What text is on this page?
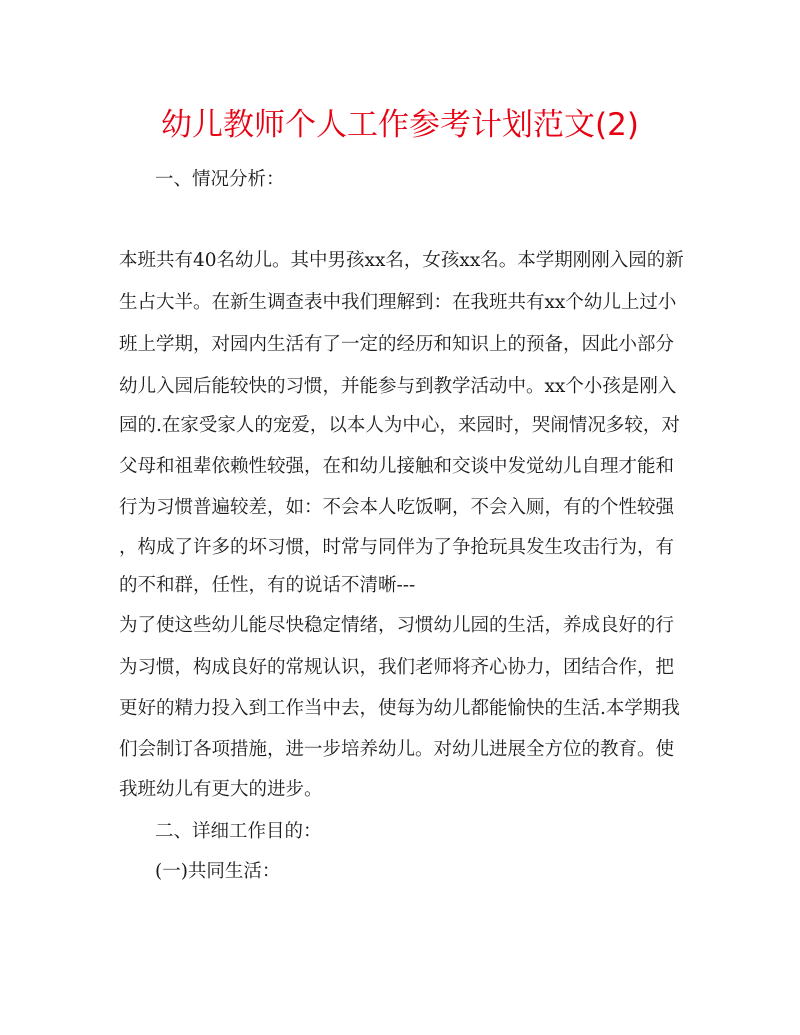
幼儿教师个人工作参考计划范文(2)

一、情况分析：

本班共有40名幼儿。其中男孩xx名，女孩xx名。本学期刚刚入园的新

生占大半。在新生调查表中我们理解到：在我班共有xx个幼儿上过小

班上学期，对园内生活有了一定的经历和知识上的预备，因此小部分

幼儿入园后能较快的习惯，并能参与到教学活动中。xx个小孩是刚入

园的.在家受家人的宠爱，以本人为中心，来园时，哭闹情况多较，对

父母和祖辈依赖性较强，在和幼儿接触和交谈中发觉幼儿自理才能和

行为习惯普遍较差，如：不会本人吃饭啊，不会入厕，有的个性较强

，构成了许多的坏习惯，时常与同伴为了争抢玩具发生攻击行为，有

的不和群，任性，有的说话不清晰---

为了使这些幼儿能尽快稳定情绪，习惯幼儿园的生活，养成良好的行

为习惯，构成良好的常规认识，我们老师将齐心协力，团结合作，把

更好的精力投入到工作当中去，使每为幼儿都能愉快的生活.本学期我

们会制订各项措施，进一步培养幼儿。对幼儿进展全方位的教育。使

我班幼儿有更大的进步。

二、详细工作目的：

(一)共同生活：
